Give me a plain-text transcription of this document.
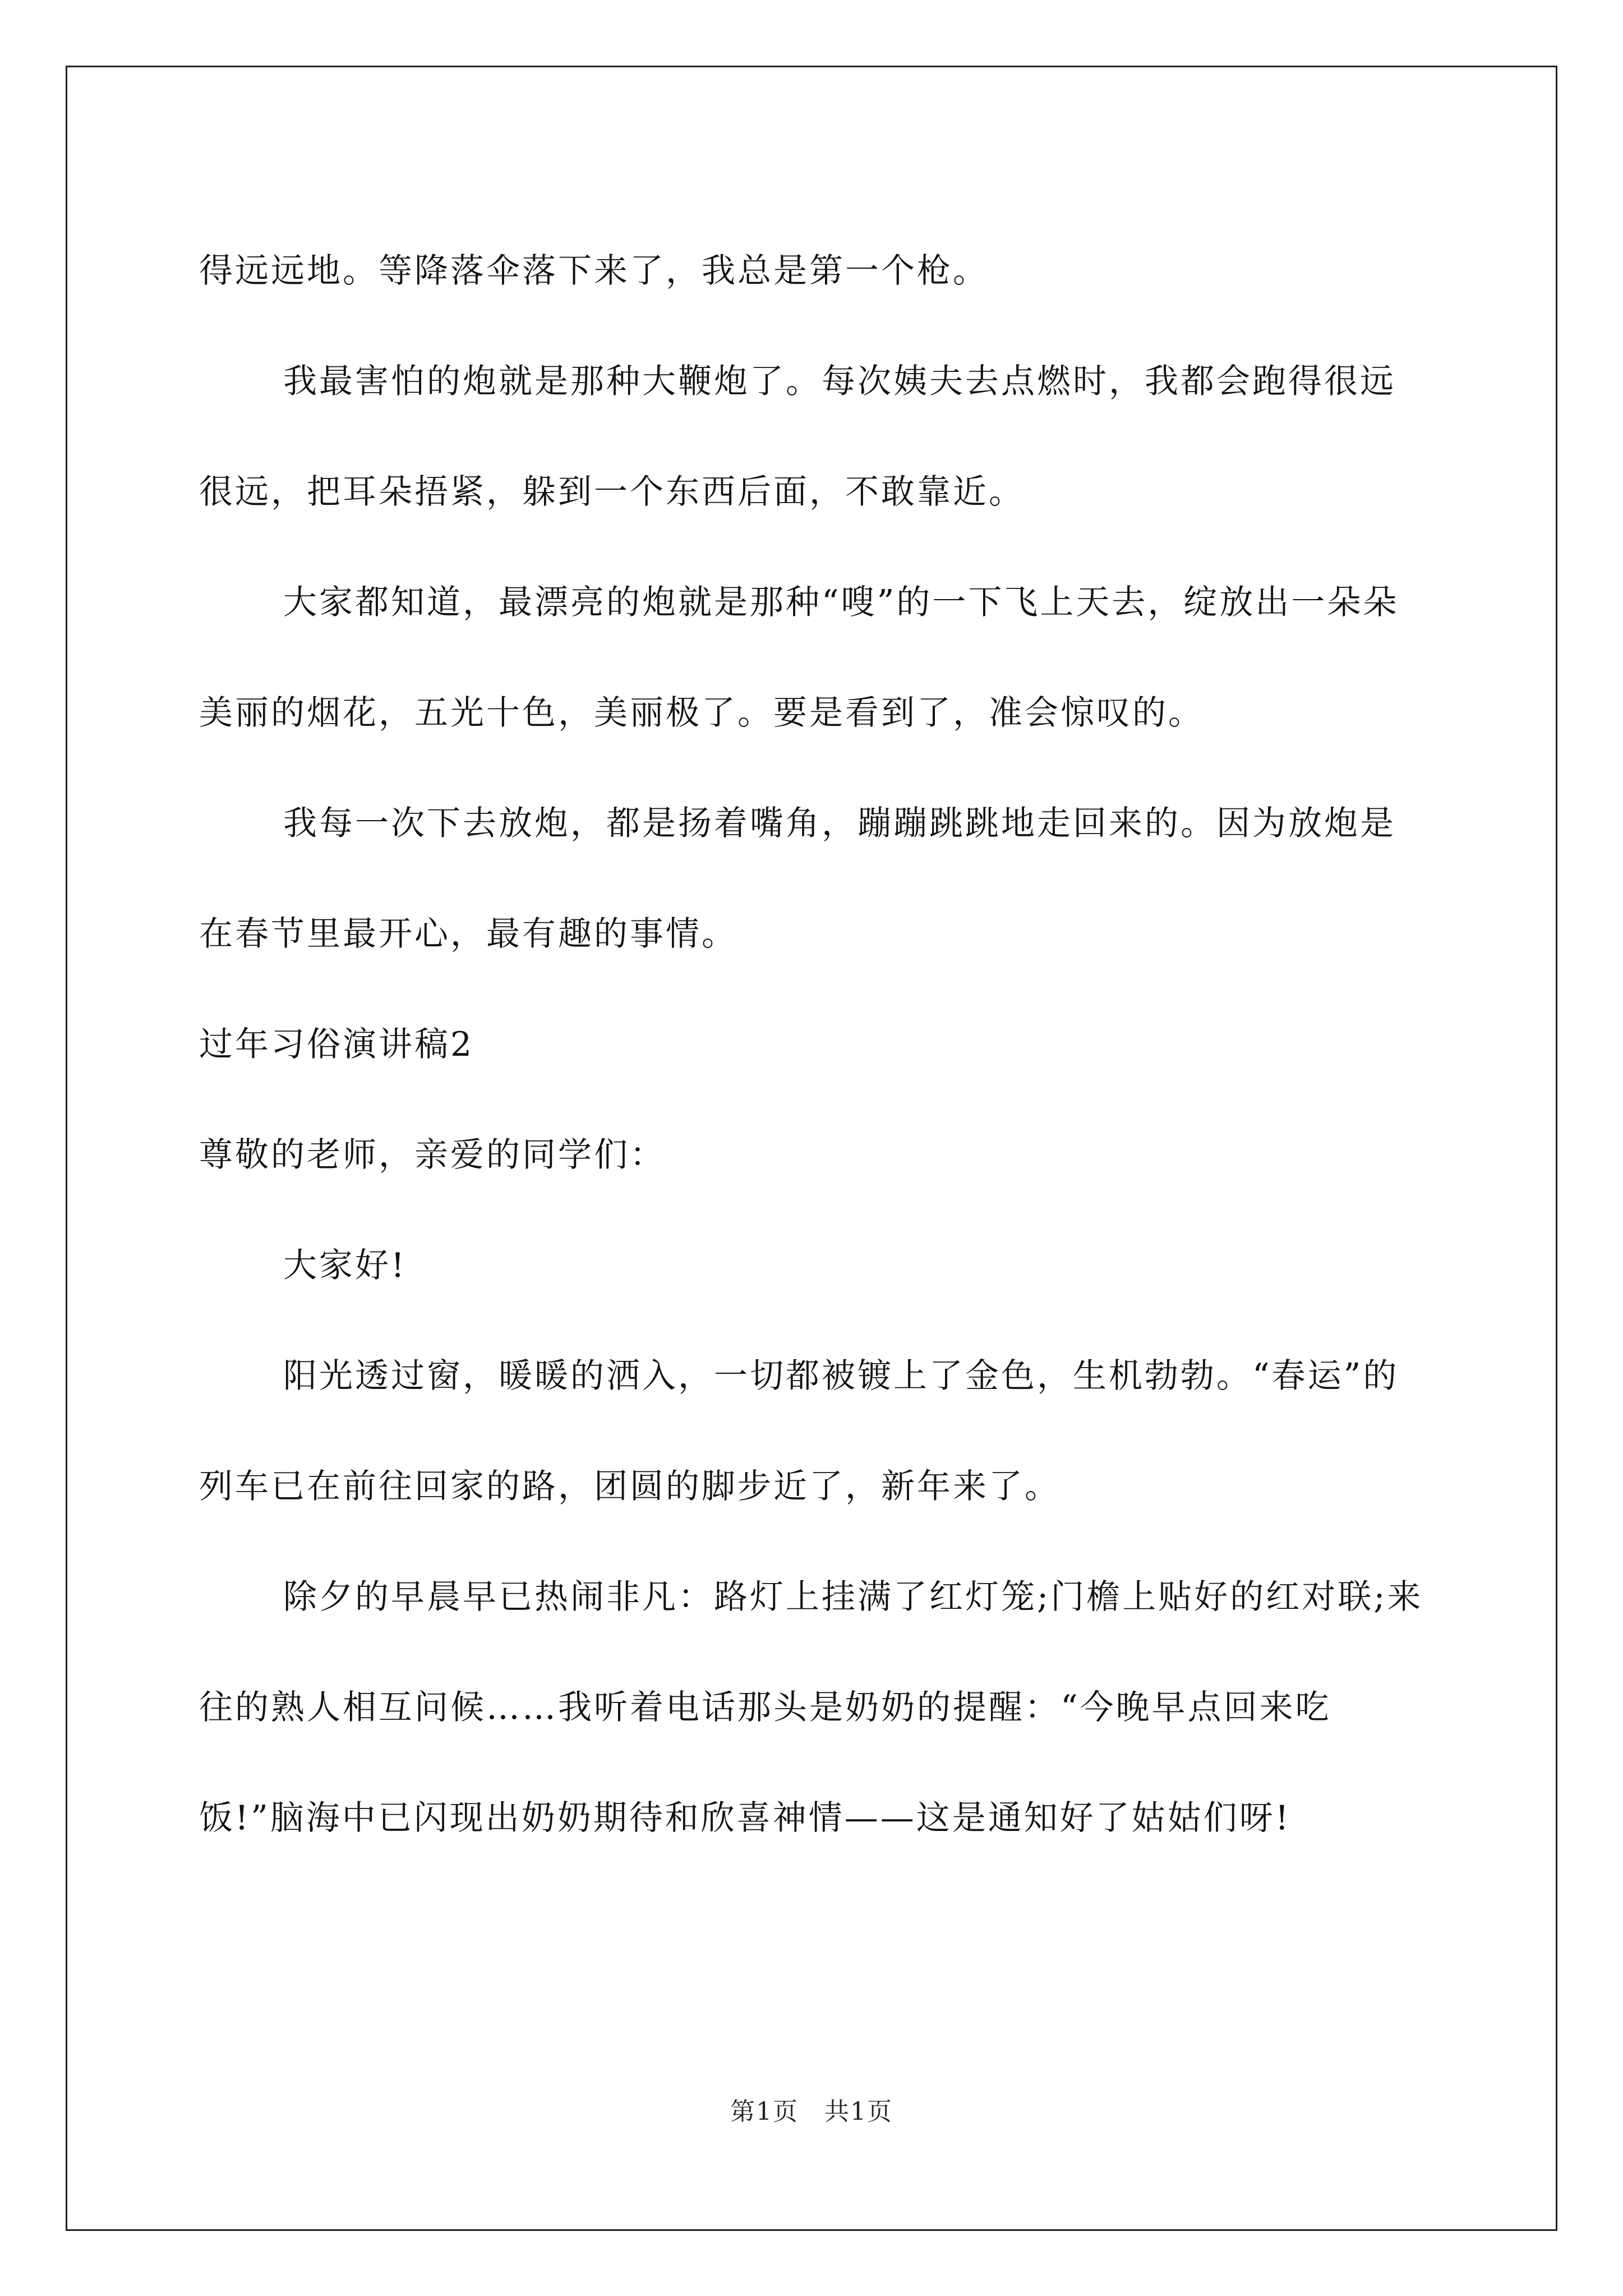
得远远地。等降落伞落下来了，我总是第一个枪。

我最害怕的炮就是那种大鞭炮了。每次姨夫去点燃时，我都会跑得很远很远，把耳朵捂紧，躲到一个东西后面，不敢靠近。

大家都知道，最漂亮的炮就是那种“嗖”的一下飞上天去，绽放出一朵朵美丽的烟花，五光十色，美丽极了。要是看到了，准会惊叹的。

我每一次下去放炮，都是扬着嘴角，蹦蹦跳跳地走回来的。因为放炮是在春节里最开心，最有趣的事情。

过年习俗演讲稿2

尊敬的老师，亲爱的同学们：

大家好!

阳光透过窗，暖暖的洒入，一切都被镀上了金色，生机勃勃。“春运”的列车已在前往回家的路，团圆的脚步近了，新年来了。

除夕的早晨早已热闹非凡：路灯上挂满了红灯笼;门檐上贴好的红对联;来往的熟人相互问候……我听着电话那头是奶奶的提醒：“今晚早点回来吃饭!”脑海中已闪现出奶奶期待和欣喜神情——这是通知好了姑姑们呀!

第1页　共1页
